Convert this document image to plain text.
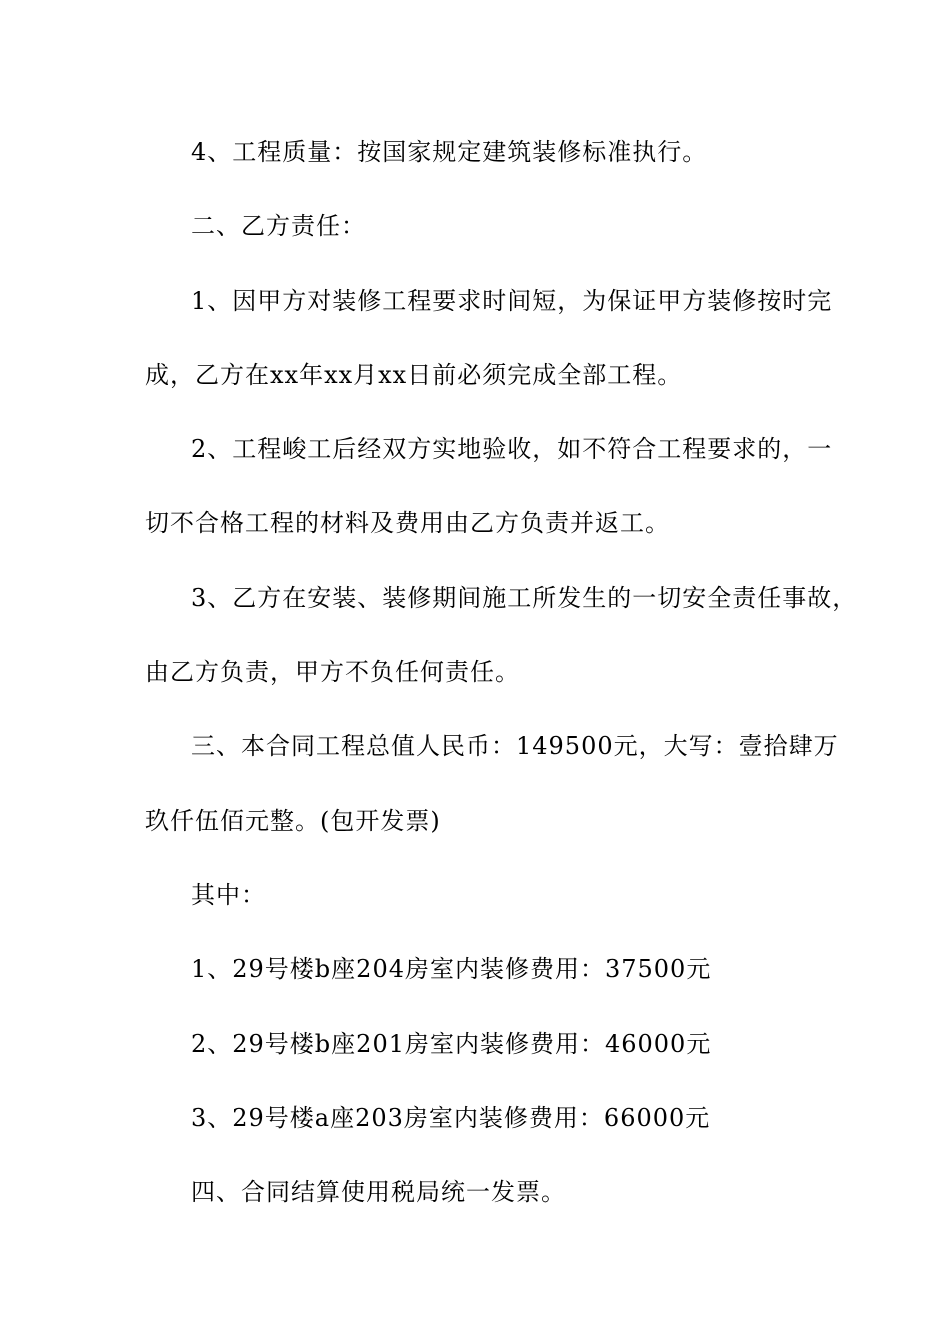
4、工程质量：按国家规定建筑装修标准执行。
二、乙方责任：
1、因甲方对装修工程要求时间短，为保证甲方装修按时完
成，乙方在xx年xx月xx日前必须完成全部工程。
2、工程峻工后经双方实地验收，如不符合工程要求的，一
切不合格工程的材料及费用由乙方负责并返工。
3、乙方在安装、装修期间施工所发生的一切安全责任事故，
由乙方负责，甲方不负任何责任。
三、本合同工程总值人民币：149500元，大写：壹拾肆万
玖仟伍佰元整。(包开发票)
其中：
1、29号楼b座204房室内装修费用：37500元
2、29号楼b座201房室内装修费用：46000元
3、29号楼a座203房室内装修费用：66000元
四、合同结算使用税局统一发票。
